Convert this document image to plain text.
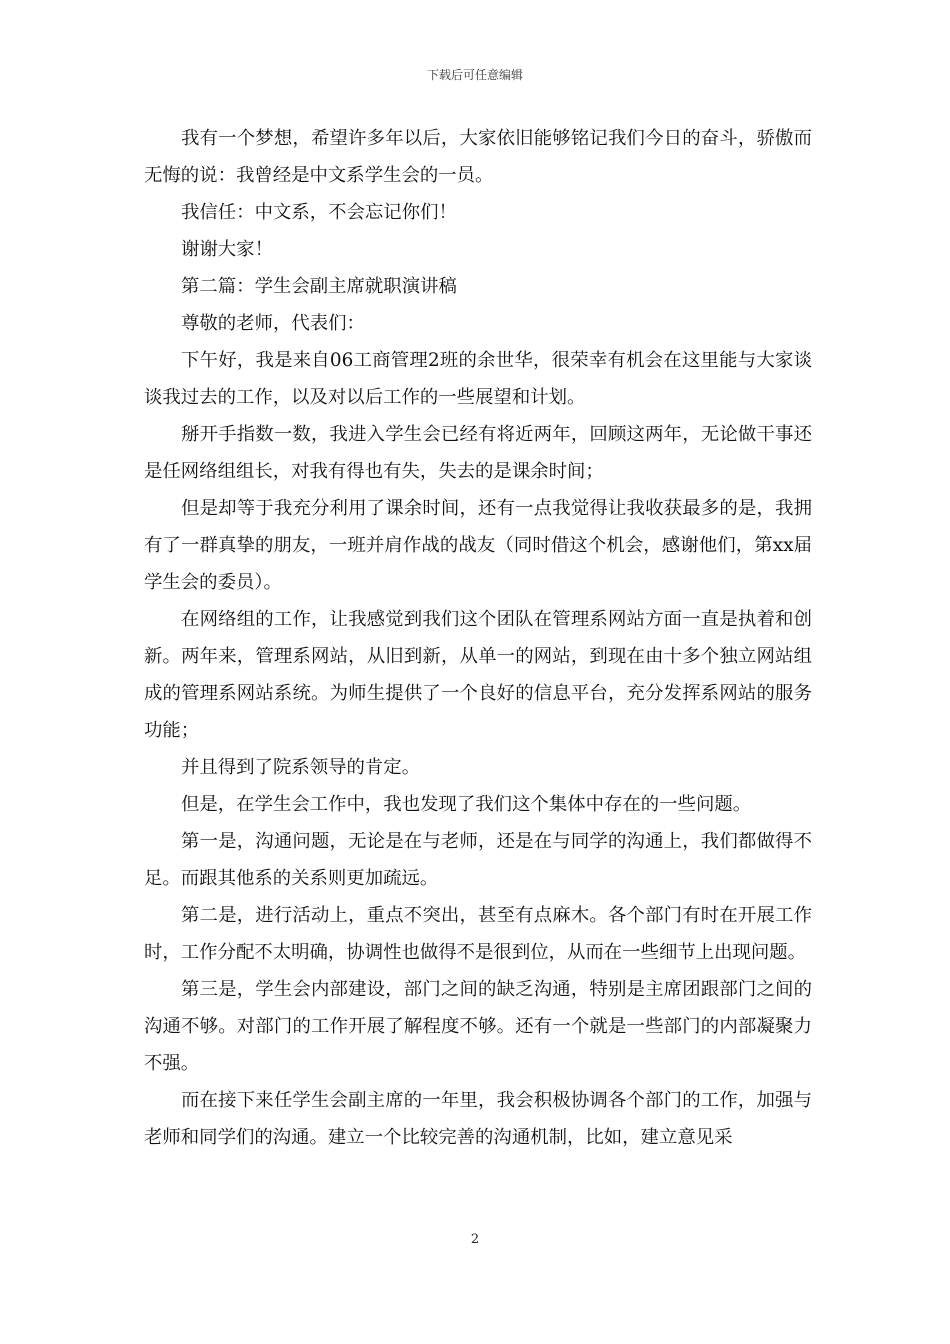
下载后可任意编辑

我有一个梦想，希望许多年以后，大家依旧能够铭记我们今日的奋斗，骄傲而无悔的说：我曾经是中文系学生会的一员。

我信任：中文系，不会忘记你们！

谢谢大家！

第二篇：学生会副主席就职演讲稿

尊敬的老师，代表们：

下午好，我是来自06工商管理2班的余世华，很荣幸有机会在这里能与大家谈谈我过去的工作，以及对以后工作的一些展望和计划。

掰开手指数一数，我进入学生会已经有将近两年，回顾这两年，无论做干事还是任网络组组长，对我有得也有失，失去的是课余时间；

但是却等于我充分利用了课余时间，还有一点我觉得让我收获最多的是，我拥有了一群真挚的朋友，一班并肩作战的战友（同时借这个机会，感谢他们，第xx届学生会的委员）。

在网络组的工作，让我感觉到我们这个团队在管理系网站方面一直是执着和创新。两年来，管理系网站，从旧到新，从单一的网站，到现在由十多个独立网站组成的管理系网站系统。为师生提供了一个良好的信息平台，充分发挥系网站的服务功能；

并且得到了院系领导的肯定。

但是，在学生会工作中，我也发现了我们这个集体中存在的一些问题。

第一是，沟通问题，无论是在与老师，还是在与同学的沟通上，我们都做得不足。而跟其他系的关系则更加疏远。

第二是，进行活动上，重点不突出，甚至有点麻木。各个部门有时在开展工作时，工作分配不太明确，协调性也做得不是很到位，从而在一些细节上出现问题。

第三是，学生会内部建设，部门之间的缺乏沟通，特别是主席团跟部门之间的沟通不够。对部门的工作开展了解程度不够。还有一个就是一些部门的内部凝聚力不强。

而在接下来任学生会副主席的一年里，我会积极协调各个部门的工作，加强与老师和同学们的沟通。建立一个比较完善的沟通机制，比如，建立意见采

2
